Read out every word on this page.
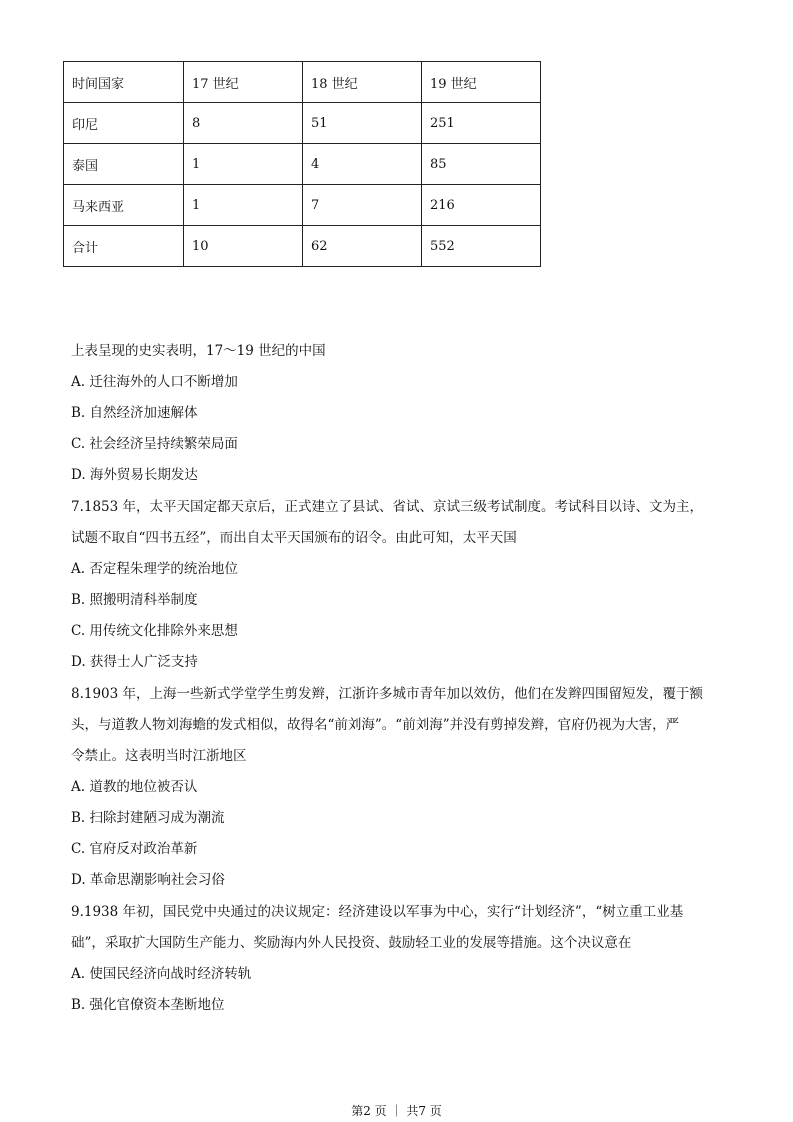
时间国家	17 世纪	18 世纪	19 世纪
印尼	8	51	251
泰国	1	4	85
马来西亚	1	7	216
合计	10	62	552
上表呈现的史实表明，17～19 世纪的中国
A. 迁往海外的人口不断增加
B. 自然经济加速解体
C. 社会经济呈持续繁荣局面
D. 海外贸易长期发达
7.1853 年，太平天国定都天京后，正式建立了县试、省试、京试三级考试制度。考试科目以诗、文为主，
试题不取自“四书五经”，而出自太平天国颁布的诏令。由此可知，太平天国
A. 否定程朱理学的统治地位
B. 照搬明清科举制度
C. 用传统文化排除外来思想
D. 获得士人广泛支持
8.1903 年，上海一些新式学堂学生剪发辫，江浙许多城市青年加以效仿，他们在发辫四围留短发，覆于额
头，与道教人物刘海蟾的发式相似，故得名“前刘海”。“前刘海”并没有剪掉发辫，官府仍视为大害，严
令禁止。这表明当时江浙地区
A. 道教的地位被否认
B. 扫除封建陋习成为潮流
C. 官府反对政治革新
D. 革命思潮影响社会习俗
9.1938 年初，国民党中央通过的决议规定：经济建设以军事为中心，实行“计划经济”，“树立重工业基
础”，采取扩大国防生产能力、奖励海内外人民投资、鼓励轻工业的发展等措施。这个决议意在
A. 使国民经济向战时经济转轨
B. 强化官僚资本垄断地位
第2 页 ｜ 共7 页
